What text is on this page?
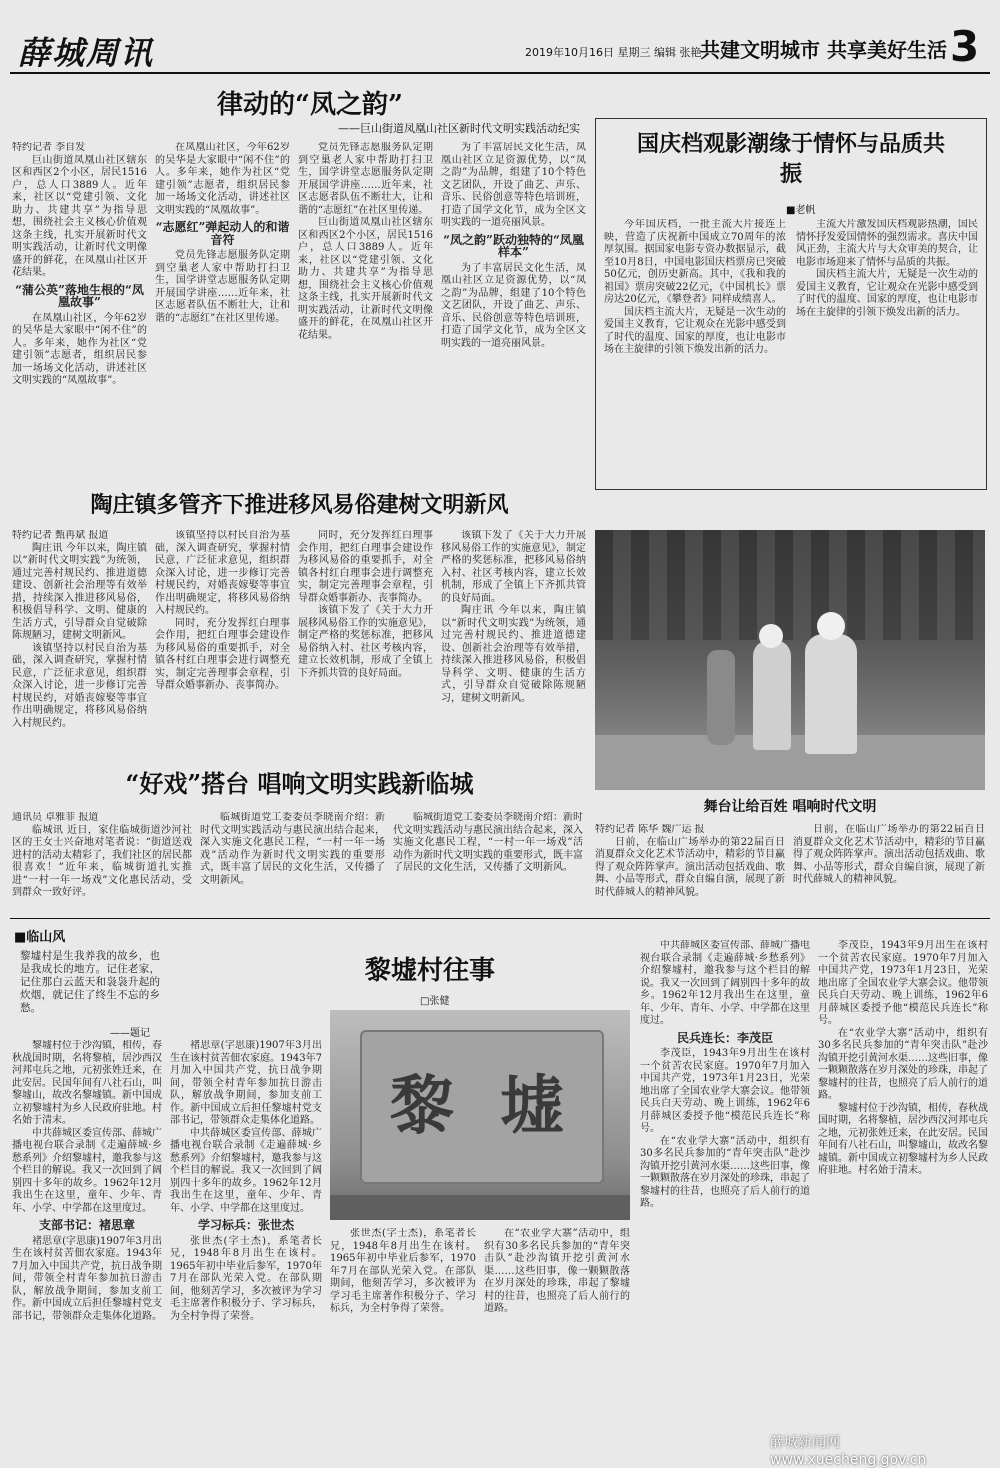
薛城周讯	2019年10月16日 星期三 编辑 张艳
共建文明城市 共享美好生活 3
律动的“凤之韵”
——巨山街道凤凰山社区新时代文明实践活动纪实
特约记者 李自发

巨山街道凤凰山社区辖东区和西区2个小区，居民1516户，总人口3889人。近年来，社区以“党建引领、文化助力、共建共享”为指导思想，围绕社会主义核心价值观这条主线，扎实开展新时代文明实践活动，让新时代文明像盛开的鲜花，在凤凰山社区开花结果。

“蒲公英”落地生根的“凤凰故事”

在凤凰山社区，今年62岁的吴华是大家眼中“闲不住”的人。多年来，她作为社区“党建引领”志愿者，组织居民参加一场场文化活动，讲述社区文明实践的“凤凰故事”。

在凤凰山社区，今年62岁的吴华是大家眼中“闲不住”的人。多年来，她作为社区“党建引领”志愿者，组织居民参加一场场文化活动，讲述社区文明实践的“凤凰故事”。

“志愿红”弹起动人的和谐音符

党员先锋志愿服务队定期到空巢老人家中帮助打扫卫生，国学讲堂志愿服务队定期开展国学讲座……近年来，社区志愿者队伍不断壮大，让和谐的“志愿红”在社区里传递。

党员先锋志愿服务队定期到空巢老人家中帮助打扫卫生，国学讲堂志愿服务队定期开展国学讲座……近年来，社区志愿者队伍不断壮大，让和谐的“志愿红”在社区里传递。

巨山街道凤凰山社区辖东区和西区2个小区，居民1516户，总人口3889人。近年来，社区以“党建引领、文化助力、共建共享”为指导思想，围绕社会主义核心价值观这条主线，扎实开展新时代文明实践活动，让新时代文明像盛开的鲜花，在凤凰山社区开花结果。

为了丰富居民文化生活，凤凰山社区立足资源优势，以“凤之韵”为品牌，组建了10个特色文艺团队，开设了曲艺、声乐、音乐、民俗创意等特色培训班，打造了国学文化节，成为全区文明实践的一道亮丽风景。

“凤之韵”跃动独特的“凤凰样本”

为了丰富居民文化生活，凤凰山社区立足资源优势，以“凤之韵”为品牌，组建了10个特色文艺团队，开设了曲艺、声乐、音乐、民俗创意等特色培训班，打造了国学文化节，成为全区文明实践的一道亮丽风景。

国庆档观影潮缘于情怀与品质共振
■老帆

今年国庆档，一批主流大片接连上映，营造了庆祝新中国成立70周年的浓厚氛围。据国家电影专资办数据显示，截至10月8日，中国电影国庆档票房已突破50亿元，创历史新高。其中，《我和我的祖国》票房突破22亿元，《中国机长》票房达20亿元，《攀登者》同样成绩喜人。

国庆档主流大片，无疑是一次生动的爱国主义教育，它让观众在光影中感受到了时代的温度、国家的厚度，也让电影市场在主旋律的引领下焕发出新的活力。

主流大片激发国庆档观影热潮，国民情怀抒发爱国情怀的强烈需求。喜庆中国风正劲，主流大片与大众审美的契合，让电影市场迎来了情怀与品质的共振。

国庆档主流大片，无疑是一次生动的爱国主义教育，它让观众在光影中感受到了时代的温度、国家的厚度，也让电影市场在主旋律的引领下焕发出新的活力。

陶庄镇多管齐下推进移风易俗建树文明新风
特约记者 甄再斌 报道

陶庄讯 今年以来，陶庄镇以“新时代文明实践”为统领，通过完善村规民约、推进道德建设、创新社会治理等有效举措，持续深入推进移风易俗，积极倡导科学、文明、健康的生活方式，引导群众自觉破除陈规陋习，建树文明新风。

该镇坚持以村民自治为基础，深入调查研究，掌握村情民意，广泛征求意见，组织群众深入讨论，进一步修订完善村规民约，对婚丧嫁娶等事宜作出明确规定，将移风易俗纳入村规民约。

该镇坚持以村民自治为基础，深入调查研究，掌握村情民意，广泛征求意见，组织群众深入讨论，进一步修订完善村规民约，对婚丧嫁娶等事宜作出明确规定，将移风易俗纳入村规民约。

同时，充分发挥红白理事会作用，把红白理事会建设作为移风易俗的重要抓手，对全镇各村红白理事会进行调整充实，制定完善理事会章程，引导群众婚事新办、丧事简办。

同时，充分发挥红白理事会作用，把红白理事会建设作为移风易俗的重要抓手，对全镇各村红白理事会进行调整充实，制定完善理事会章程，引导群众婚事新办、丧事简办。

该镇下发了《关于大力开展移风易俗工作的实施意见》，制定严格的奖惩标准，把移风易俗纳入村、社区考核内容，建立长效机制，形成了全镇上下齐抓共管的良好局面。

该镇下发了《关于大力开展移风易俗工作的实施意见》，制定严格的奖惩标准，把移风易俗纳入村、社区考核内容，建立长效机制，形成了全镇上下齐抓共管的良好局面。

陶庄讯 今年以来，陶庄镇以“新时代文明实践”为统领，通过完善村规民约、推进道德建设、创新社会治理等有效举措，持续深入推进移风易俗，积极倡导科学、文明、健康的生活方式，引导群众自觉破除陈规陋习，建树文明新风。

舞台让给百姓 唱响时代文明
“好戏”搭台 唱响文明实践新临城
通讯员 卓雅菲 报道

临城讯 近日，家住临城街道沙河社区的王女士兴奋地对笔者说：“街道送戏进村的活动太精彩了，我们社区的居民都很喜欢！”近年来，临城街道扎实推进“一村一年一场戏”文化惠民活动，受到群众一致好评。

临城街道党工委委员李晓南介绍：新时代文明实践活动与惠民演出结合起来，深入实施文化惠民工程，“一村一年一场戏”活动作为新时代文明实践的重要形式，既丰富了居民的文化生活，又传播了文明新风。

临城街道党工委委员李晓南介绍：新时代文明实践活动与惠民演出结合起来，深入实施文化惠民工程，“一村一年一场戏”活动作为新时代文明实践的重要形式，既丰富了居民的文化生活，又传播了文明新风。

特约记者 陈华 魏广运 报

日前，在临山广场举办的第22届百日消夏群众文化艺术节活动中，精彩的节目赢得了观众阵阵掌声。演出活动包括戏曲、歌舞、小品等形式，群众自编自演，展现了新时代薛城人的精神风貌。

日前，在临山广场举办的第22届百日消夏群众文化艺术节活动中，精彩的节目赢得了观众阵阵掌声。演出活动包括戏曲、歌舞、小品等形式，群众自编自演，展现了新时代薛城人的精神风貌。

■临山风

黎墟村是生我养我的故乡，也是我成长的地方。记住老家，记住那白云蓝天和袅袅升起的炊烟，就记住了终生不忘的乡愁。

——题记
黎墟村往事
□张健
黎 墟

黎墟村位于沙沟镇，相传，春秋战国时期，名将黎植，居沙西汉河邦屯兵之地，元初张姓迁来，在此安居。民国年间有八社石山，叫黎墟山，故改名黎墟镇。新中国成立初黎墟村为乡人民政府驻地。村名始于清末。

中共薛城区委宣传部、薛城广播电视台联合录制《走遍薛城·乡愁系列》介绍黎墟村，邀我参与这个栏目的解说。我又一次回到了阔别四十多年的故乡。1962年12月我出生在这里，童年、少年、青年、小学、中学都在这里度过。

支部书记：褚思章

褚思章(字思康)1907年3月出生在该村贫苦佃农家庭。1943年7月加入中国共产党，抗日战争期间，带领全村青年参加抗日游击队，解放战争期间，参加支前工作。新中国成立后担任黎墟村党支部书记，带领群众走集体化道路。

褚思章(字思康)1907年3月出生在该村贫苦佃农家庭。1943年7月加入中国共产党，抗日战争期间，带领全村青年参加抗日游击队，解放战争期间，参加支前工作。新中国成立后担任黎墟村党支部书记，带领群众走集体化道路。

中共薛城区委宣传部、薛城广播电视台联合录制《走遍薛城·乡愁系列》介绍黎墟村，邀我参与这个栏目的解说。我又一次回到了阔别四十多年的故乡。1962年12月我出生在这里，童年、少年、青年、小学、中学都在这里度过。

学习标兵：张世杰

张世杰(字士杰)，系笔者长兄，1948年8月出生在该村。1965年初中毕业后参军，1970年7月在部队光荣入党。在部队期间，他刻苦学习，多次被评为学习毛主席著作积极分子、学习标兵，为全村争得了荣誉。

张世杰(字士杰)，系笔者长兄，1948年8月出生在该村。1965年初中毕业后参军，1970年7月在部队光荣入党。在部队期间，他刻苦学习，多次被评为学习毛主席著作积极分子、学习标兵，为全村争得了荣誉。

在“农业学大寨”活动中，组织有30多名民兵参加的“青年突击队”赴沙沟镇开挖引黄河水渠……这些旧事，像一颗颗散落在岁月深处的珍珠，串起了黎墟村的往昔，也照亮了后人前行的道路。

中共薛城区委宣传部、薛城广播电视台联合录制《走遍薛城·乡愁系列》介绍黎墟村，邀我参与这个栏目的解说。我又一次回到了阔别四十多年的故乡。1962年12月我出生在这里，童年、少年、青年、小学、中学都在这里度过。

民兵连长：李茂臣

李茂臣，1943年9月出生在该村一个贫苦农民家庭。1970年7月加入中国共产党，1973年1月23日，光荣地出席了全国农业学大寨会议。他带领民兵白天劳动、晚上训练，1962年6月薛城区委授予他“模范民兵连长”称号。

在“农业学大寨”活动中，组织有30多名民兵参加的“青年突击队”赴沙沟镇开挖引黄河水渠……这些旧事，像一颗颗散落在岁月深处的珍珠，串起了黎墟村的往昔，也照亮了后人前行的道路。

李茂臣，1943年9月出生在该村一个贫苦农民家庭。1970年7月加入中国共产党，1973年1月23日，光荣地出席了全国农业学大寨会议。他带领民兵白天劳动、晚上训练，1962年6月薛城区委授予他“模范民兵连长”称号。

在“农业学大寨”活动中，组织有30多名民兵参加的“青年突击队”赴沙沟镇开挖引黄河水渠……这些旧事，像一颗颗散落在岁月深处的珍珠，串起了黎墟村的往昔，也照亮了后人前行的道路。

黎墟村位于沙沟镇，相传，春秋战国时期，名将黎植，居沙西汉河邦屯兵之地，元初张姓迁来，在此安居。民国年间有八社石山，叫黎墟山，故改名黎墟镇。新中国成立初黎墟村为乡人民政府驻地。村名始于清末。

薛城新闻网 www.xuecheng.gov.cn
